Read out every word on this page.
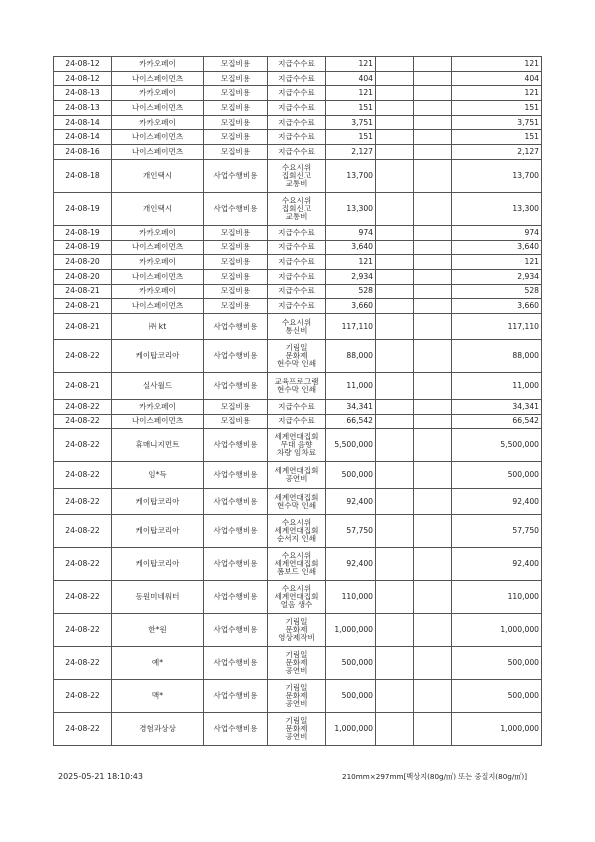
24-08-12	카카오페이	모집비용	지급수수료	121			121
24-08-12	나이스페이먼츠	모집비용	지급수수료	404			404
24-08-13	카카오페이	모집비용	지급수수료	121			121
24-08-13	나이스페이먼츠	모집비용	지급수수료	151			151
24-08-14	카카오페이	모집비용	지급수수료	3,751			3,751
24-08-14	나이스페이먼츠	모집비용	지급수수료	151			151
24-08-16	나이스페이먼츠	모집비용	지급수수료	2,127			2,127
24-08-18	개인택시	사업수행비용	수요시위
집회신고
교통비	13,700			13,700
24-08-19	개인택시	사업수행비용	수요시위
집회신고
교통비	13,300			13,300
24-08-19	카카오페이	모집비용	지급수수료	974			974
24-08-19	나이스페이먼츠	모집비용	지급수수료	3,640			3,640
24-08-20	카카오페이	모집비용	지급수수료	121			121
24-08-20	나이스페이먼츠	모집비용	지급수수료	2,934			2,934
24-08-21	카카오페이	모집비용	지급수수료	528			528
24-08-21	나이스페이먼츠	모집비용	지급수수료	3,660			3,660
24-08-21	㈜ kt	사업수행비용	수요시위
통신비	117,110			117,110
24-08-22	케이탑코리아	사업수행비용	기림일
문화제
현수막 인쇄	88,000			88,000
24-08-21	실사월드	사업수행비용	교육프로그램
현수막 인쇄	11,000			11,000
24-08-22	카카오페이	모집비용	지급수수료	34,341			34,341
24-08-22	나이스페이먼츠	모집비용	지급수수료	66,542			66,542
24-08-22	휴매니지먼트	사업수행비용	세계연대집회
무대 음향
차량 임차료	5,500,000			5,500,000
24-08-22	임*득	사업수행비용	세계연대집회
공연비	500,000			500,000
24-08-22	케이탑코리아	사업수행비용	세계연대집회
현수막 인쇄	92,400			92,400
24-08-22	케이탑코리아	사업수행비용	수요시위
세계연대집회
순서지 인쇄	57,750			57,750
24-08-22	케이탑코리아	사업수행비용	수요시위
세계연대집회
폼보드 인쇄	92,400			92,400
24-08-22	동원미네워터	사업수행비용	수요시위
세계연대집회
얼음 생수	110,000			110,000
24-08-22	한*원	사업수행비용	기림일
문화제
영상제작비	1,000,000			1,000,000
24-08-22	예*	사업수행비용	기림일
문화제
공연비	500,000			500,000
24-08-22	맥*	사업수행비용	기림일
문화제
공연비	500,000			500,000
24-08-22	경험과상상	사업수행비용	기림일
문화제
공연비	1,000,000			1,000,000
2025-05-21 18:10:43	210mm×297mm[백상지(80g/㎡) 또는 중질지(80g/㎡)]
